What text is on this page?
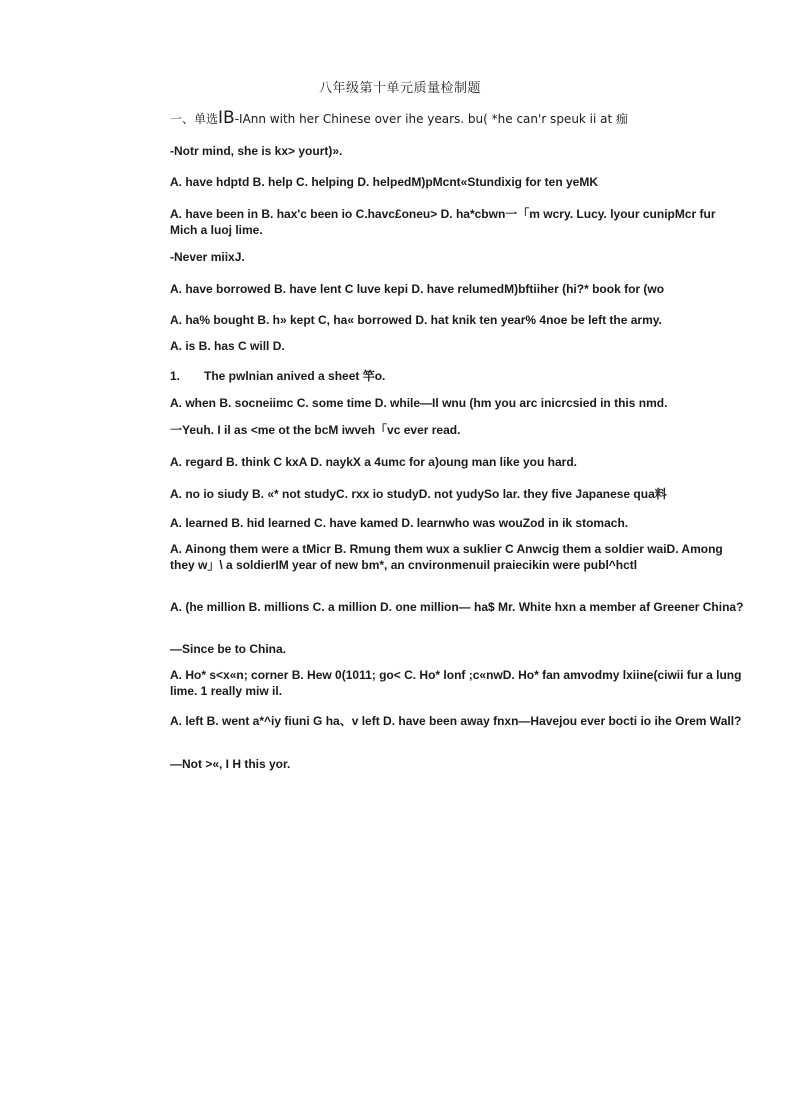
八年级第十单元质量检制题
一、单选IB-IAnn with her Chinese over ihe years. bu( *he can'r speuk ii at 痂
-Notr mind, she is kx> yourt)».
A. have hdptd B. help C. helping D. helpedM)pMcnt«Stundixig for ten yeMK
A. have been in B. hax'c been io C.havc£oneu> D. ha*cbwn一「m wcry. Lucy. lyour cunipMcr fur Mich a luoj lime.
-Never miixJ.
A. have borrowed B. have lent C luve kepi D. have relumedM)bftiiher (hi?* book for (wo
A. ha% bought B. h» kept C, ha« borrowed D. hat knik ten year% 4noe be left the army.
A. is B. has C will D.
1. The pwlnian anived a sheet 竿o.
A. when B. socneiimc C. some time D. while—Il wnu (hm you arc inicrcsied in this nmd.
一Yeuh. I il as <me ot the bcM iwveh「vc ever read.
A. regard B. think C kxA D. naykX a 4umc for a)oung man like you hard.
A. no io siudy B. «* not studyC. rxx io studyD. not yudySo lar. they five Japanese qua料
A. learned B. hid learned C. have kamed D. learnwho was wouZod in ik stomach.
A. Ainong them were a tMicr B. Rmung them wux a suklier C Anwcig them a soldier waiD. Among they w」\ a soldierIM year of new bm*, an cnvironmenuil praiecikin were publ^hctl
A. (he million B. millions C. a million D. one million— ha$ Mr. White hxn a member af Greener China?
—Since be to China.
A. Ho* s<x«n; corner B. Hew 0(1011; go< C. Ho* lonf ;c«nwD. Ho* fan amvodmy lxiine(ciwii fur a lung lime. 1 really miw il.
A. left B. went a*^iy fiuni G ha、v left D. have been away fnxn—Havejou ever bocti io ihe Orem Wall?
—Not >«, I H this yor.
